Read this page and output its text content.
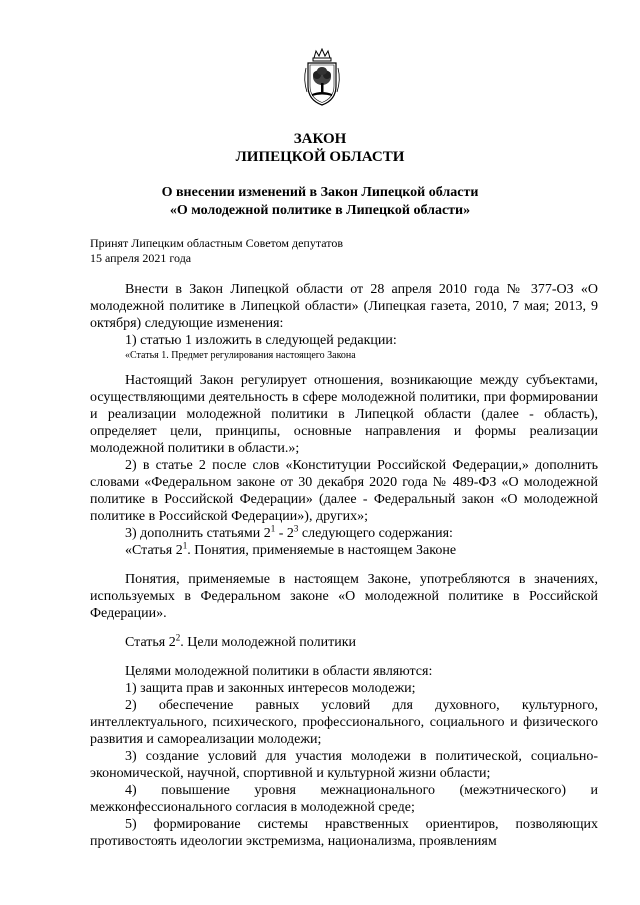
ЗАКОН
ЛИПЕЦКОЙ ОБЛАСТИ
О внесении изменений в Закон Липецкой области
«О молодежной политике в Липецкой области»
Принят Липецким областным Советом депутатов
15 апреля 2021 года

Внести в Закон Липецкой области от 28 апреля 2010 года № 377-ОЗ «О молодежной политике в Липецкой области» (Липецкая газета, 2010, 7 мая; 2013, 9 октября) следующие изменения:

1) статью 1 изложить в следующей редакции:

«Статья 1. Предмет регулирования настоящего Закона

Настоящий Закон регулирует отношения, возникающие между субъектами, осуществляющими деятельность в сфере молодежной политики, при формировании и реализации молодежной политики в Липецкой области (далее - область), определяет цели, принципы, основные направления и формы реализации молодежной политики в области.»;

2) в статье 2 после слов «Конституции Российской Федерации,» дополнить словами «Федеральном законе от 30 декабря 2020 года № 489-ФЗ «О молодежной политике в Российской Федерации» (далее - Федеральный закон «О молодежной политике в Российской Федерации»), других»;

3) дополнить статьями $2^1 - 2^3$ следующего содержания:

«Статья $2^1$. Понятия, применяемые в настоящем Законе

Понятия, применяемые в настоящем Законе, употребляются в значениях, используемых в Федеральном законе «О молодежной политике в Российской Федерации».

Статья $2^2$. Цели молодежной политики

Целями молодежной политики в области являются:

1) защита прав и законных интересов молодежи;

2) обеспечение равных условий для духовного, культурного, интеллектуального, психического, профессионального, социального и физического развития и самореализации молодежи;

3) создание условий для участия молодежи в политической, социально-экономической, научной, спортивной и культурной жизни области;

4) повышение уровня межнационального (межэтнического) и межконфессионального согласия в молодежной среде;

5) формирование системы нравственных ориентиров, позволяющих противостоять идеологии экстремизма, национализма, проявлениям
